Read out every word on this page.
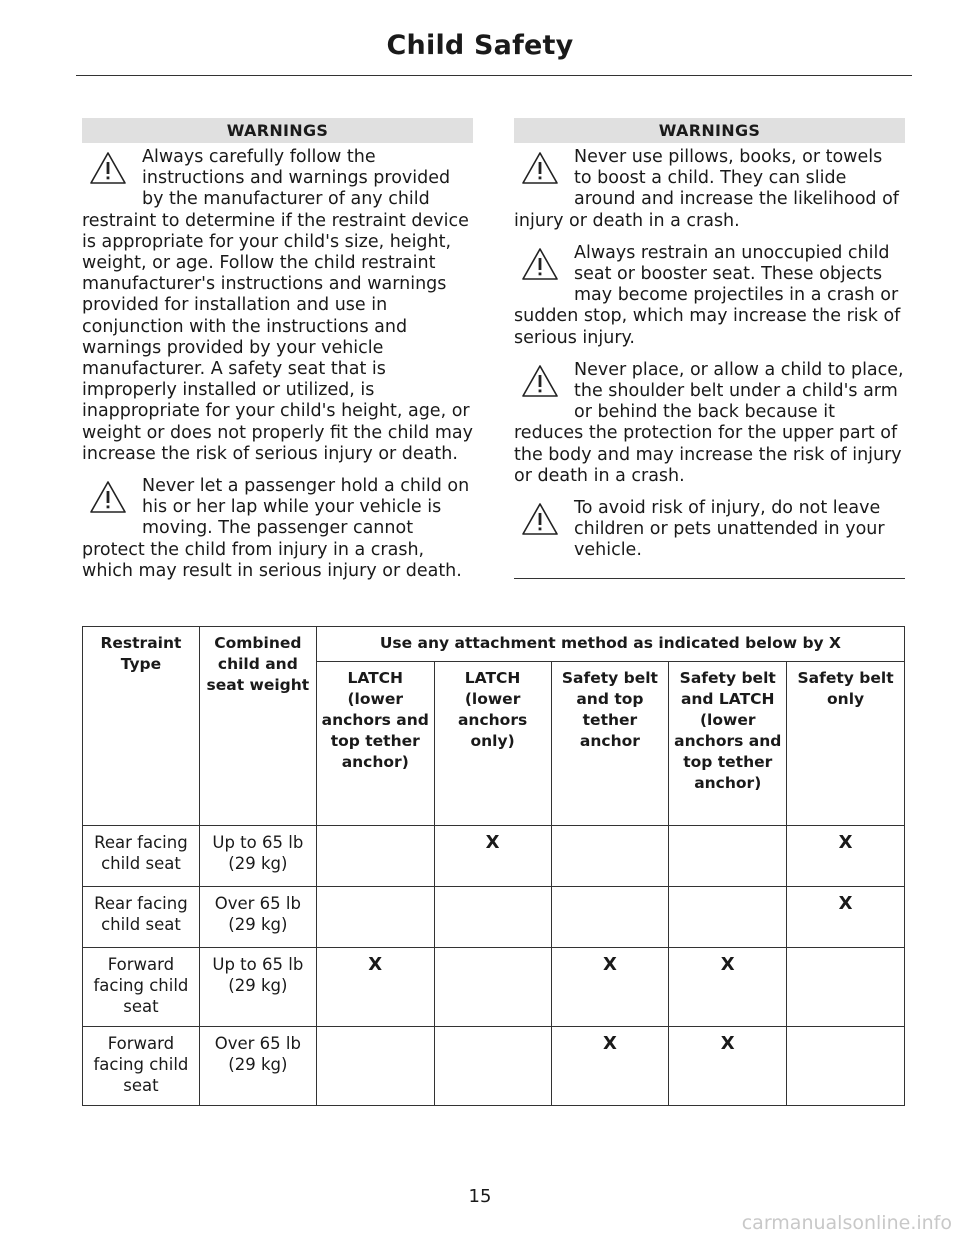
Child Safety
WARNINGS

Always carefully follow the instructions and warnings provided by the manufacturer of any child restraint to determine if the restraint device is appropriate for your child's size, height, weight, or age. Follow the child restraint manufacturer's instructions and warnings provided for installation and use in conjunction with the instructions and warnings provided by your vehicle manufacturer. A safety seat that is improperly installed or utilized, is inappropriate for your child's height, age, or weight or does not properly fit the child may increase the risk of serious injury or death.

Never let a passenger hold a child on his or her lap while your vehicle is moving. The passenger cannot protect the child from injury in a crash, which may result in serious injury or death.

WARNINGS

Never use pillows, books, or towels to boost a child. They can slide around and increase the likelihood of injury or death in a crash.

Always restrain an unoccupied child seat or booster seat. These objects may become projectiles in a crash or sudden stop, which may increase the risk of serious injury.

Never place, or allow a child to place, the shoulder belt under a child's arm or behind the back because it reduces the protection for the upper part of the body and may increase the risk of injury or death in a crash.

To avoid risk of injury, do not leave children or pets unattended in your vehicle.

Restraint Type	Combined child and seat weight	Use any attachment method as indicated below by X				
		LATCH (lower anchors and top tether anchor)	LATCH (lower anchors only)	Safety belt and top tether anchor	Safety belt and LATCH (lower anchors and top tether anchor)	Safety belt only
Rear facing child seat	Up to 65 lb (29 kg)		X			X
Rear facing child seat	Over 65 lb (29 kg)					X
Forward facing child seat	Up to 65 lb (29 kg)	X		X	X	
Forward facing child seat	Over 65 lb (29 kg)			X	X	
15
carmanualsonline.info
